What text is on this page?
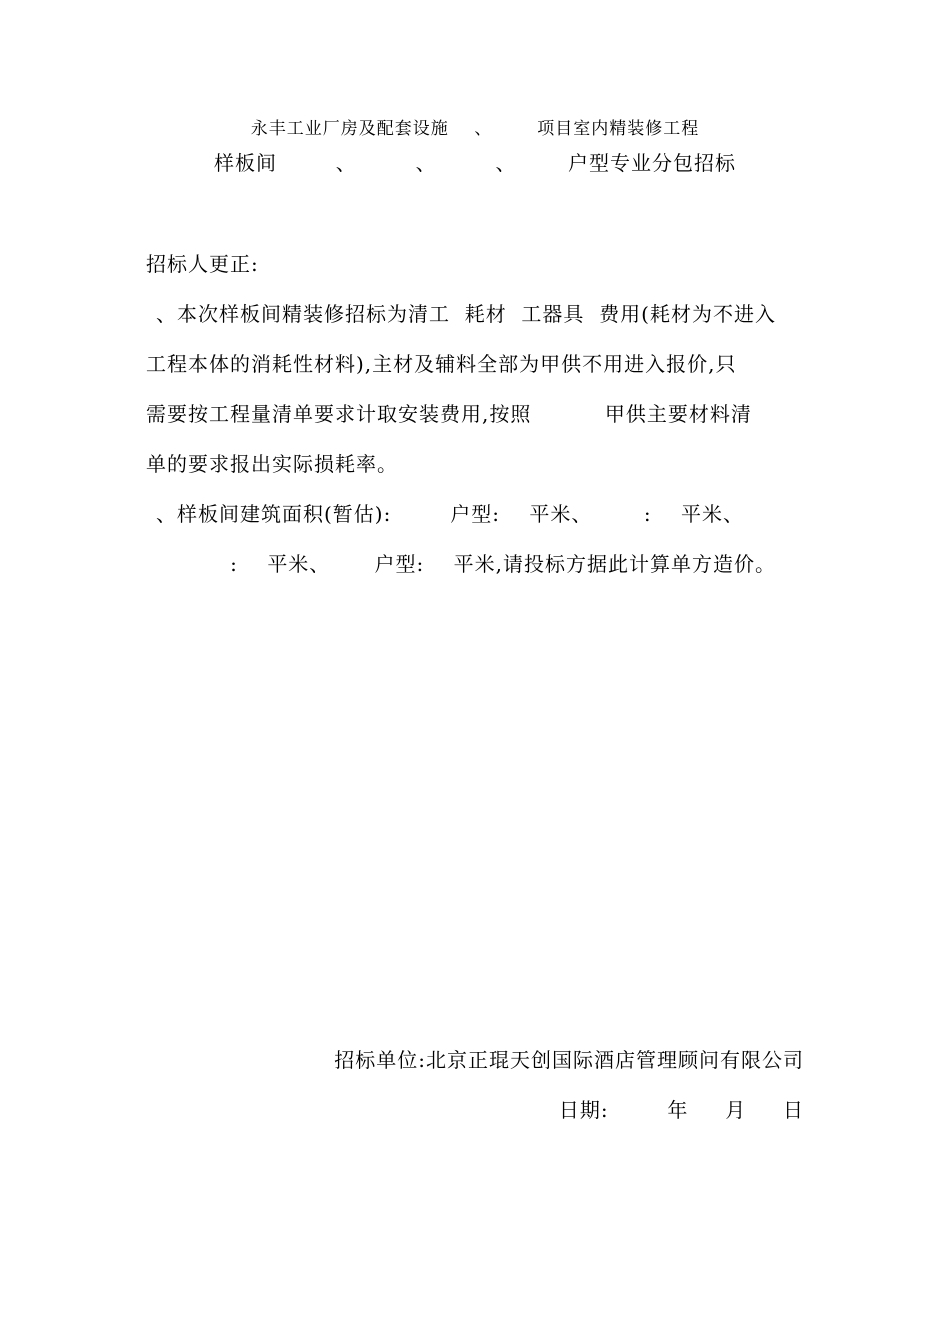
永丰工业厂房及配套设施    、       项目室内精装修工程
样板间        、        、        、       户型专业分包招标
招标人更正:
、本次样板间精装修招标为清工  耗材  工器具  费用(耗材为不进入
工程本体的消耗性材料),主材及辅料全部为甲供不用进入报价,只
需要按工程量清单要求计取安装费用,按照          甲供主要材料清
单的要求报出实际损耗率。
、样板间建筑面积(暂估):        户型:    平米、       :    平米、
:    平米、      户型:    平米,请投标方据此计算单方造价。
招标单位:北京正琨天创国际酒店管理顾问有限公司
日期:        年     月     日
